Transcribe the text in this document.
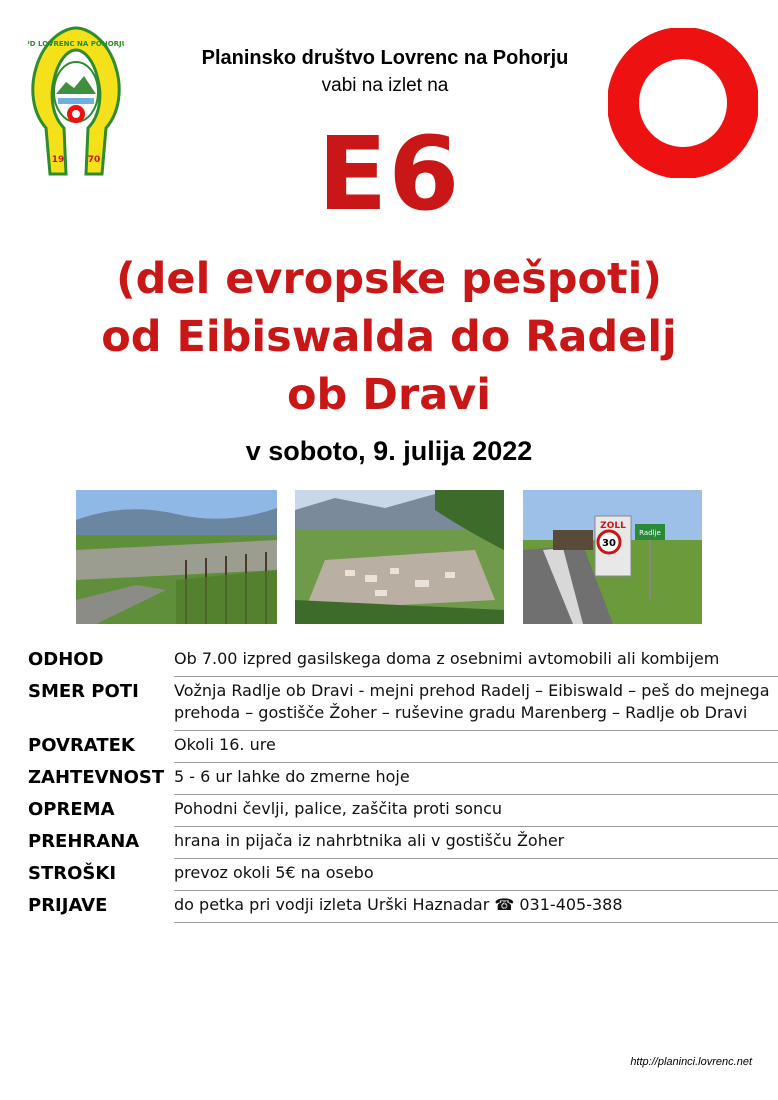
PD LOVRENC NA POHORJU
19	70
Planinsko društvo Lovrenc na Pohorju
vabi na izlet na
E6
(del evropske pešpoti)
od Eibiswalda do Radelj
ob Dravi
v soboto, 9. julija 2022
ZOLL
30
Radlje
ODHOD	Ob 7.00 izpred gasilskega doma z osebnimi avtomobili ali kombijem
SMER POTI	Vožnja Radlje ob Dravi - mejni prehod Radelj – Eibiswald – peš do mejnega prehoda – gostišče Žoher – ruševine gradu Marenberg – Radlje ob Dravi
POVRATEK	Okoli 16. ure
ZAHTEVNOST 5 - 6 ur lahke do zmerne hoje
OPREMA	Pohodni čevlji, palice, zaščita proti soncu
PREHRANA	hrana in pijača iz nahrbtnika ali v gostišču Žoher
STROŠKI	prevoz okoli 5€ na osebo
PRIJAVE	do petka pri vodji izleta Urški Haznadar ☎ 031-405-388
http://planinci.lovrenc.net
